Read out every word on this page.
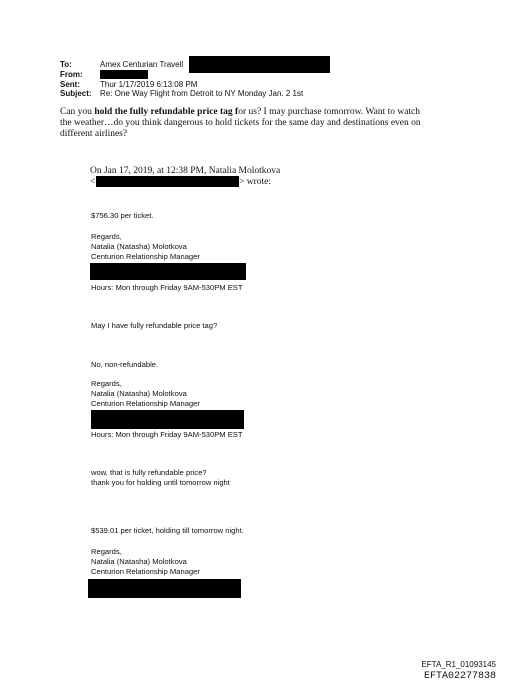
To:	Amex Centurian Travell
From:
Sent:	Thur 1/17/2019 6:13:08 PM
Subject: Re: One Way Flight from Detroit to NY Monday Jan. 2 1st
Can you hold the fully refundable price tag for us? I may purchase tomorrow. Want to watch
the weather…do you think dangerous to hold tickets for the same day and destinations even on
different airlines?
On Jan 17, 2019, at 12:38 PM, Natalia Molotkova
<	> wrote:
$756.30 per ticket.
Regards,
Natalia (Natasha) Molotkova
Centurion Relationship Manager
Hours: Mon through Friday 9AM-530PM EST
May I have fully refundable price tag?
No, non-refundable.
Regards,
Natalia (Natasha) Molotkova
Centurion Relationship Manager
Hours: Mon through Friday 9AM-530PM EST
wow, that is fully refundable price?
thank you for holding until tomorrow night
$539.01 per ticket, holding till tomorrow night.
Regards,
Natalia (Natasha) Molotkova
Centurion Relationship Manager
EFTA_R1_01093145
EFTA02277838
